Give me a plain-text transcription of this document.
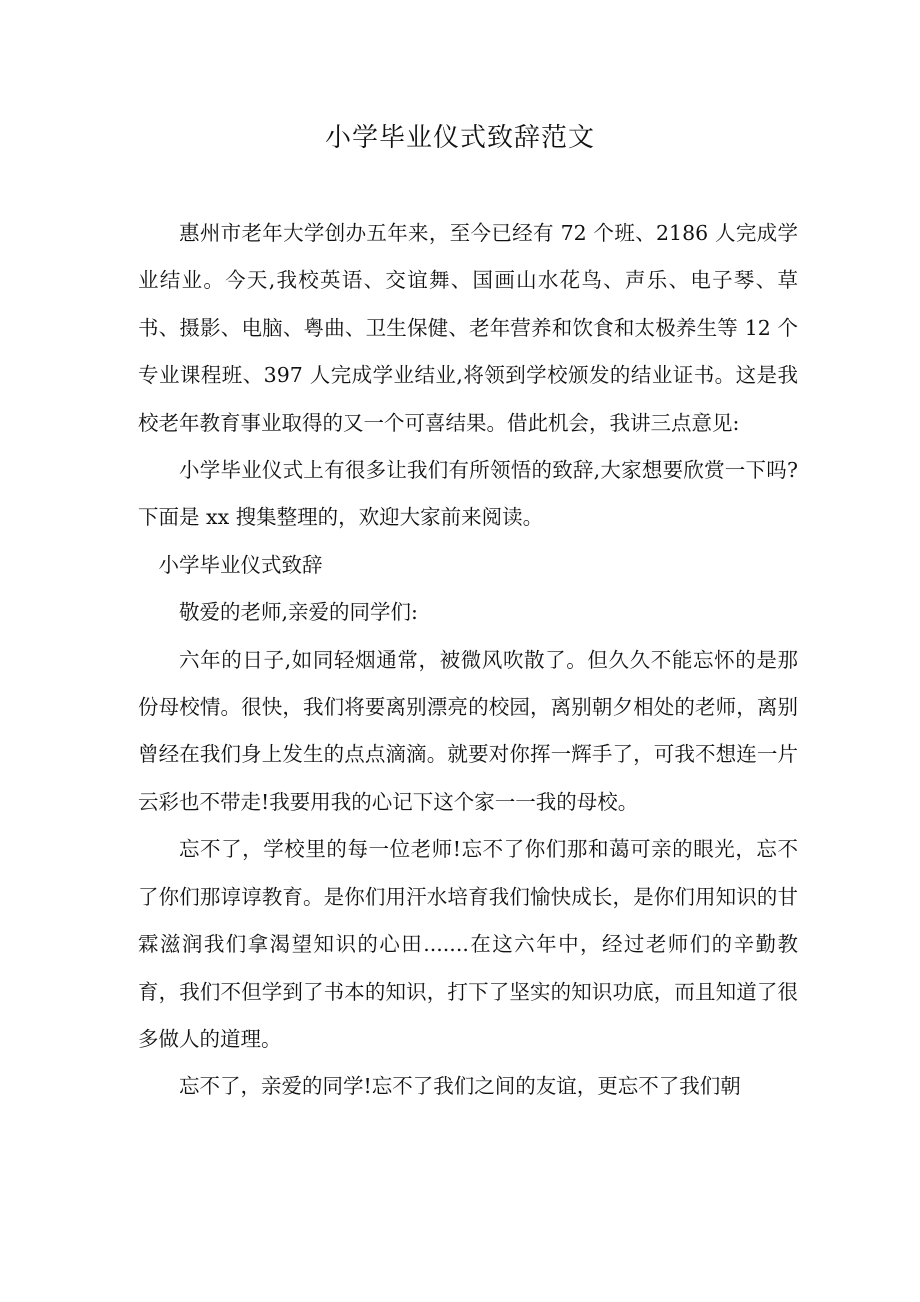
小学毕业仪式致辞范文

惠州市老年大学创办五年来，至今已经有 72 个班、2186 人完成学业结业。今天,我校英语、交谊舞、国画山水花鸟、声乐、电子琴、草书、摄影、电脑、粤曲、卫生保健、老年营养和饮食和太极养生等 12 个专业课程班、397 人完成学业结业,将领到学校颁发的结业证书。这是我校老年教育事业取得的又一个可喜结果。借此机会，我讲三点意见:

小学毕业仪式上有很多让我们有所领悟的致辞,大家想要欣赏一下吗?下面是 xx 搜集整理的，欢迎大家前来阅读。

小学毕业仪式致辞

敬爱的老师,亲爱的同学们:

六年的日子,如同轻烟通常，被微风吹散了。但久久不能忘怀的是那份母校情。很快，我们将要离别漂亮的校园，离别朝夕相处的老师，离别曾经在我们身上发生的点点滴滴。就要对你挥一辉手了，可我不想连一片云彩也不带走!我要用我的心记下这个家一一我的母校。

忘不了，学校里的每一位老师!忘不了你们那和蔼可亲的眼光，忘不了你们那谆谆教育。是你们用汗水培育我们愉快成长，是你们用知识的甘霖滋润我们拿渴望知识的心田.......在这六年中，经过老师们的辛勤教育，我们不但学到了书本的知识，打下了坚实的知识功底，而且知道了很多做人的道理。

忘不了，亲爱的同学!忘不了我们之间的友谊，更忘不了我们朝
